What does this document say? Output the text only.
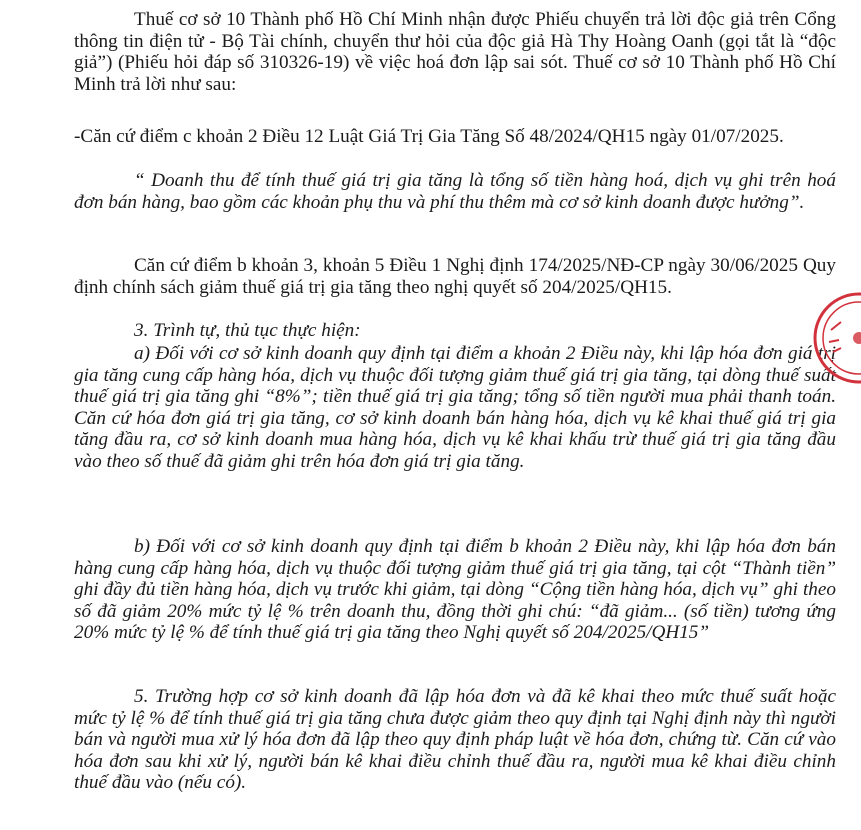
Thuế cơ sở 10 Thành phố Hồ Chí Minh nhận được Phiếu chuyển trả lời độc giả trên Cổng thông tin điện tử - Bộ Tài chính, chuyển thư hỏi của độc giả Hà Thy Hoàng Oanh (gọi tắt là “độc giả”) (Phiếu hỏi đáp số 310326-19) về việc hoá đơn lập sai sót. Thuế cơ sở 10 Thành phố Hồ Chí Minh trả lời như sau:

-Căn cứ điểm c khoản 2 Điều 12 Luật Giá Trị Gia Tăng Số 48/2024/QH15 ngày 01/07/2025.

“ Doanh thu để tính thuế giá trị gia tăng là tổng số tiền hàng hoá, dịch vụ ghi trên hoá đơn bán hàng, bao gồm các khoản phụ thu và phí thu thêm mà cơ sở kinh doanh được hưởng”.

Căn cứ điểm b khoản 3, khoản 5 Điều 1 Nghị định 174/2025/NĐ-CP ngày 30/06/2025 Quy định chính sách giảm thuế giá trị gia tăng theo nghị quyết số 204/2025/QH15.

3. Trình tự, thủ tục thực hiện:

a) Đối với cơ sở kinh doanh quy định tại điểm a khoản 2 Điều này, khi lập hóa đơn giá trị gia tăng cung cấp hàng hóa, dịch vụ thuộc đối tượng giảm thuế giá trị gia tăng, tại dòng thuế suất thuế giá trị gia tăng ghi “8%”; tiền thuế giá trị gia tăng; tổng số tiền người mua phải thanh toán. Căn cứ hóa đơn giá trị gia tăng, cơ sở kinh doanh bán hàng hóa, dịch vụ kê khai thuế giá trị gia tăng đầu ra, cơ sở kinh doanh mua hàng hóa, dịch vụ kê khai khấu trừ thuế giá trị gia tăng đầu vào theo số thuế đã giảm ghi trên hóa đơn giá trị gia tăng.

b) Đối với cơ sở kinh doanh quy định tại điểm b khoản 2 Điều này, khi lập hóa đơn bán hàng cung cấp hàng hóa, dịch vụ thuộc đối tượng giảm thuế giá trị gia tăng, tại cột “Thành tiền” ghi đầy đủ tiền hàng hóa, dịch vụ trước khi giảm, tại dòng “Cộng tiền hàng hóa, dịch vụ” ghi theo số đã giảm 20% mức tỷ lệ % trên doanh thu, đồng thời ghi chú: “đã giảm... (số tiền) tương ứng 20% mức tỷ lệ % để tính thuế giá trị gia tăng theo Nghị quyết số 204/2025/QH15”

5. Trường hợp cơ sở kinh doanh đã lập hóa đơn và đã kê khai theo mức thuế suất hoặc mức tỷ lệ % để tính thuế giá trị gia tăng chưa được giảm theo quy định tại Nghị định này thì người bán và người mua xử lý hóa đơn đã lập theo quy định pháp luật về hóa đơn, chứng từ. Căn cứ vào hóa đơn sau khi xử lý, người bán kê khai điều chỉnh thuế đầu ra, người mua kê khai điều chỉnh thuế đầu vào (nếu có).
